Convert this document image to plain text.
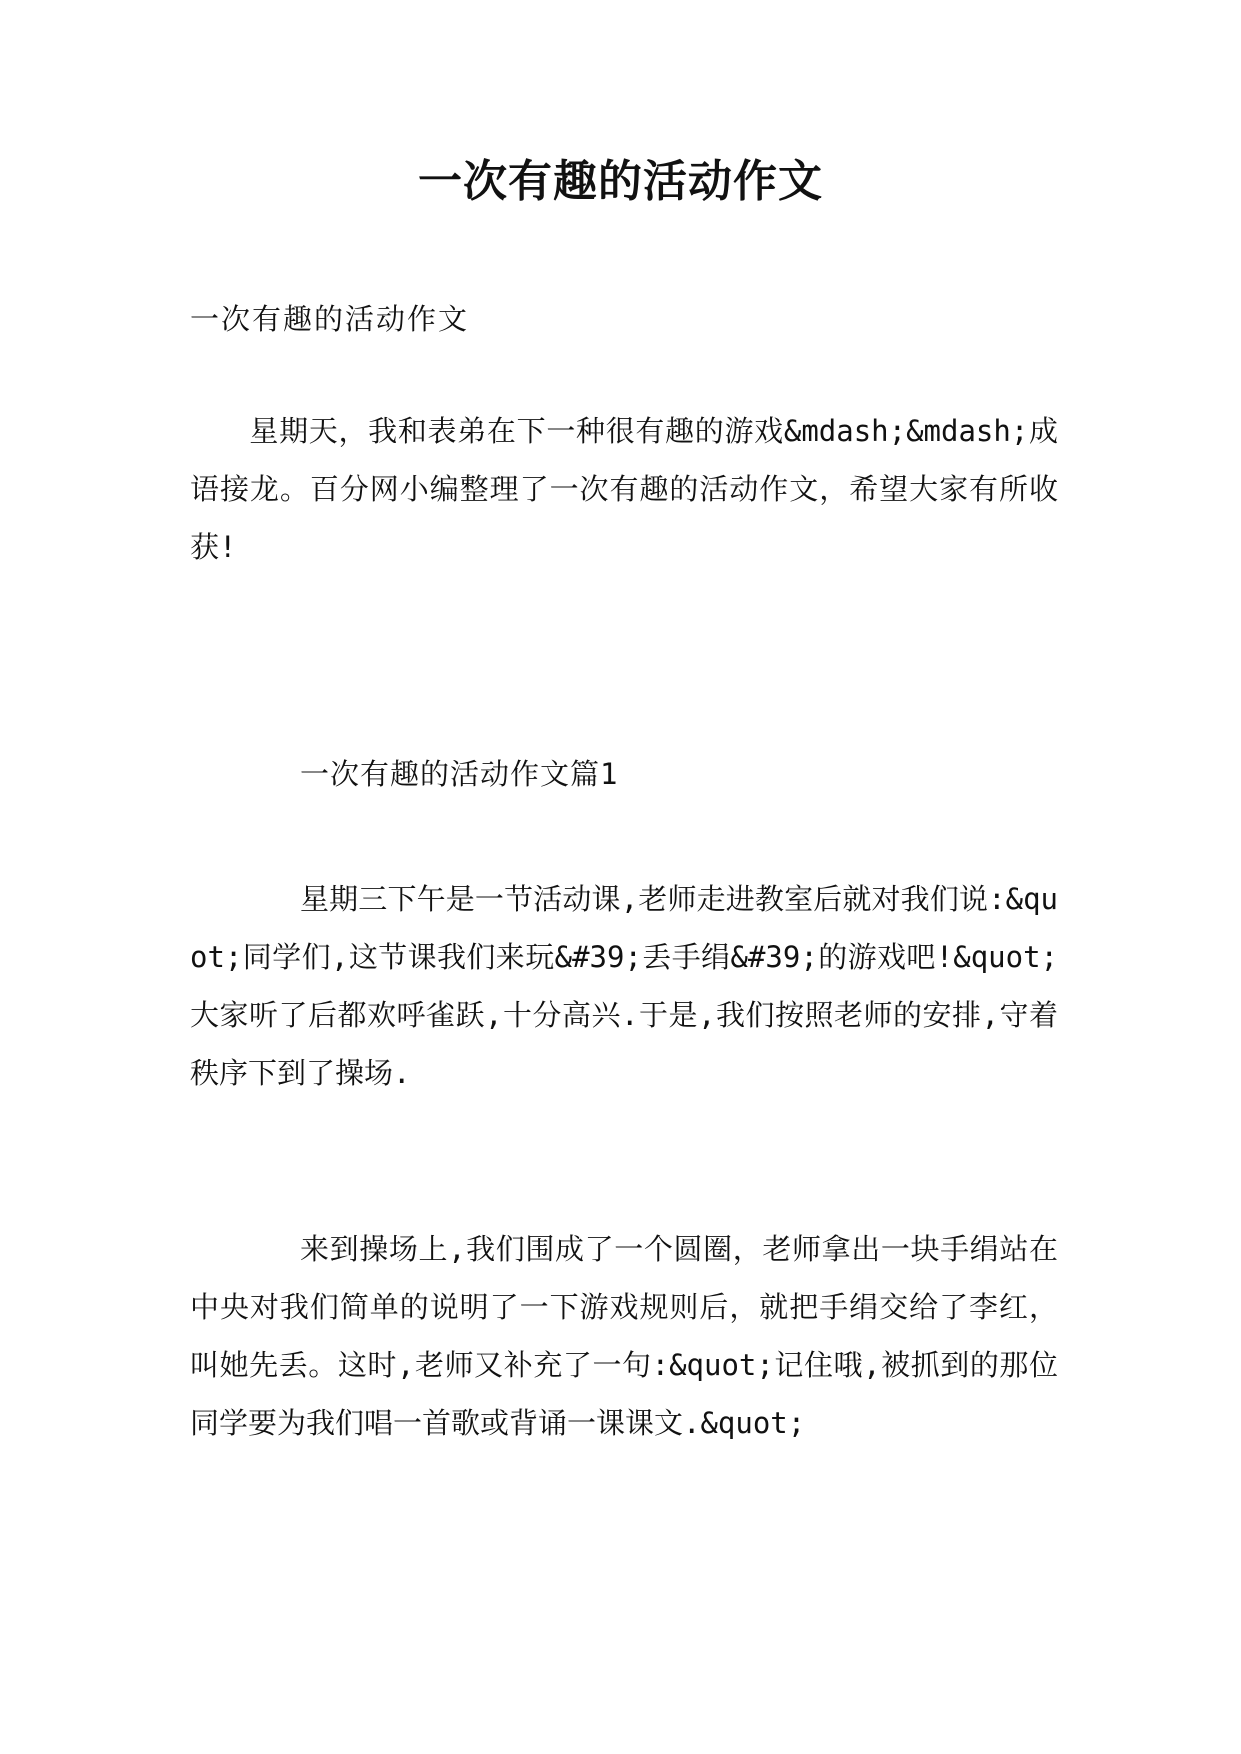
一次有趣的活动作文

一次有趣的活动作文

　　星期天，我和表弟在下一种很有趣的游戏&mdash;&mdash;成语接龙。百分网小编整理了一次有趣的活动作文，希望大家有所收获!

一次有趣的活动作文篇1

星期三下午是一节活动课,老师走进教室后就对我们说:&quot;同学们,这节课我们来玩&#39;丢手绢&#39;的游戏吧!&quot;大家听了后都欢呼雀跃,十分高兴.于是,我们按照老师的安排,守着秩序下到了操场.

来到操场上,我们围成了一个圆圈，老师拿出一块手绢站在中央对我们简单的说明了一下游戏规则后，就把手绢交给了李红，叫她先丢。这时,老师又补充了一句:&quot;记住哦,被抓到的那位同学要为我们唱一首歌或背诵一课课文.&quot;
